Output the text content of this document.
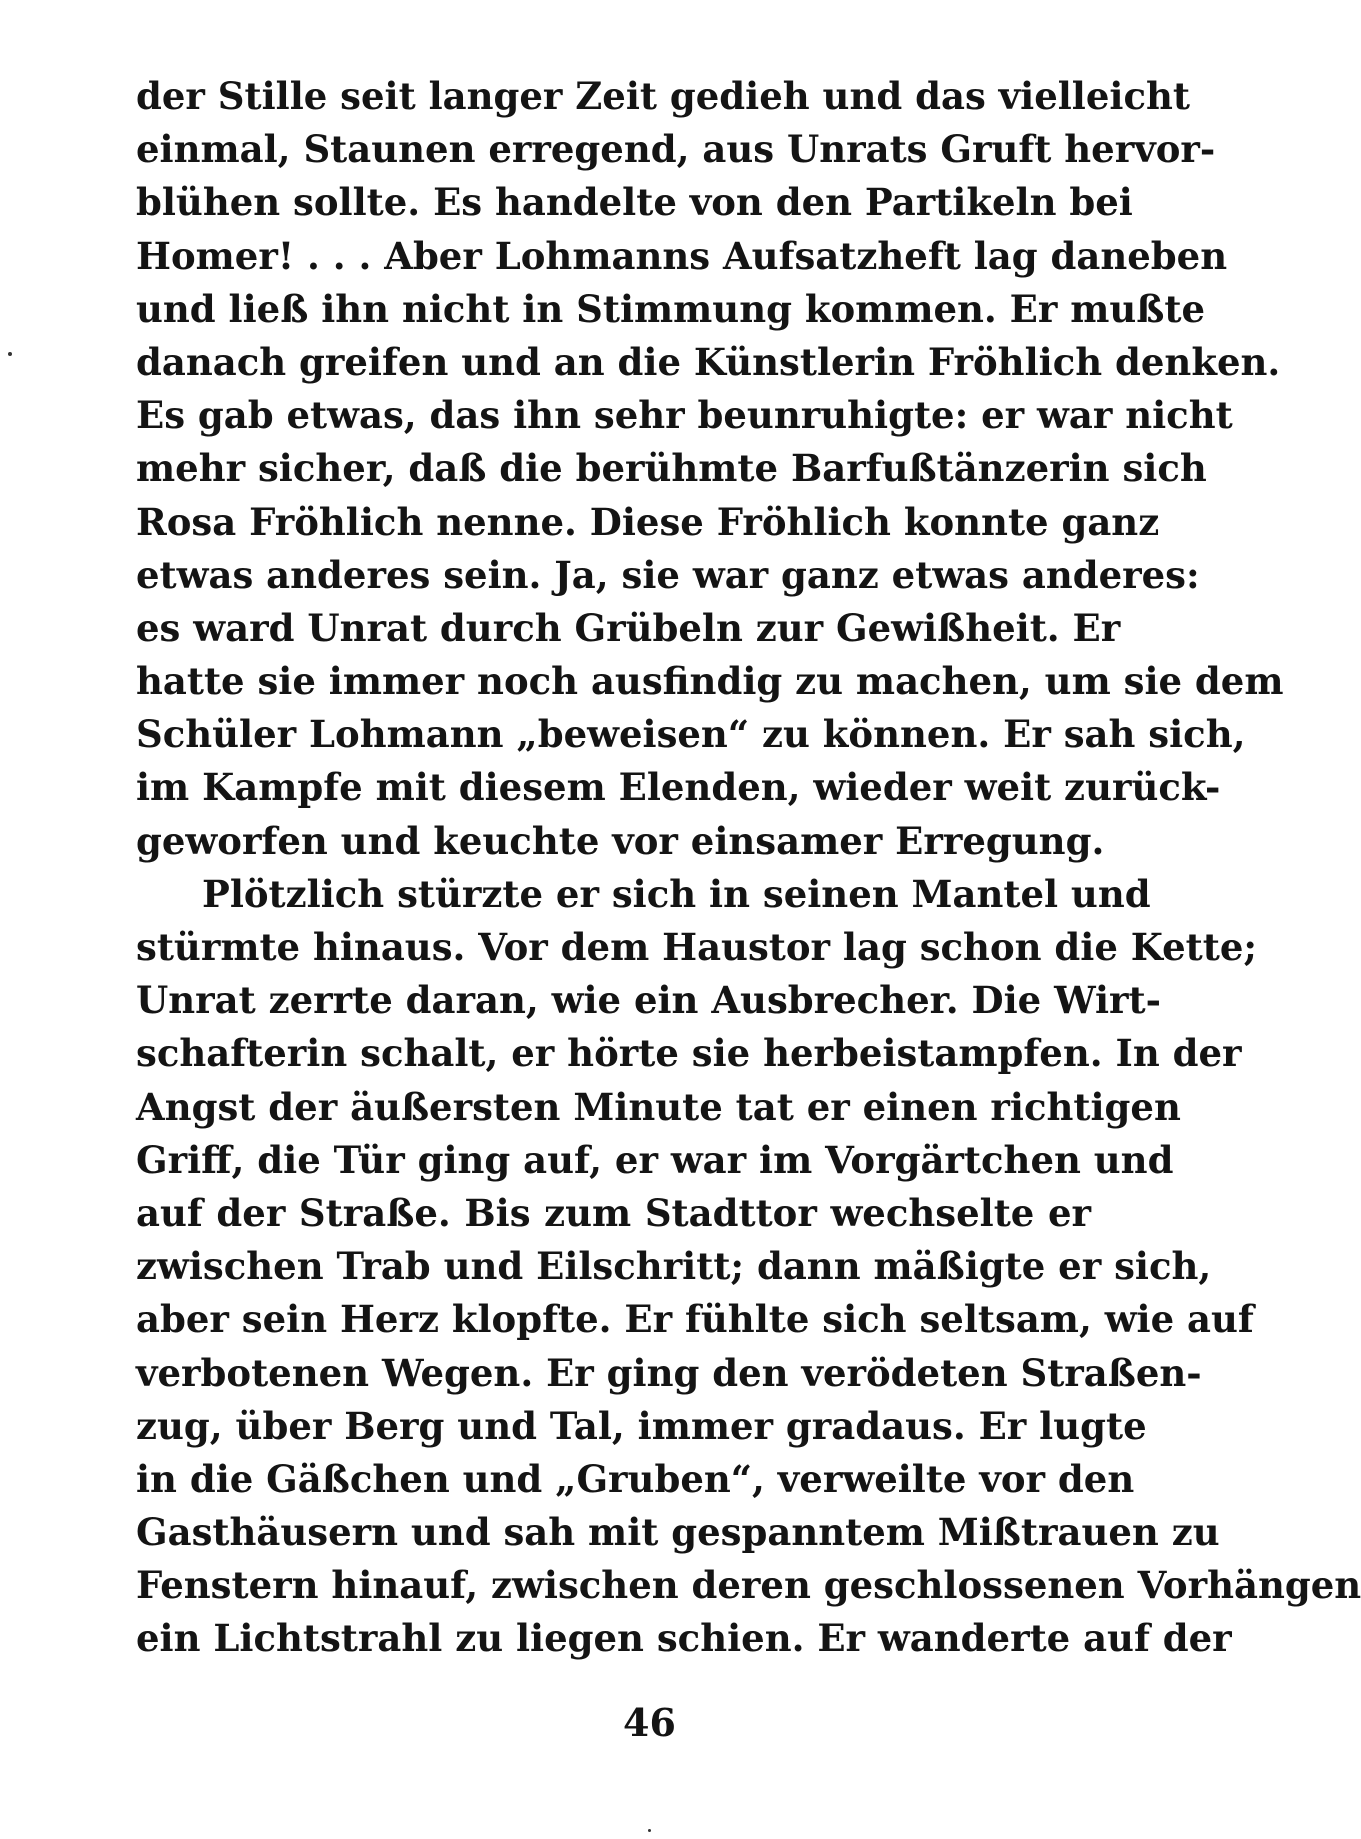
der Stille seit langer Zeit gedieh und das vielleicht
einmal, Staunen erregend, aus Unrats Gruft hervor-
blühen sollte. Es handelte von den Partikeln bei
Homer! . . . Aber Lohmanns Aufsatzheft lag daneben
und ließ ihn nicht in Stimmung kommen. Er mußte
danach greifen und an die Künstlerin Fröhlich denken.
Es gab etwas, das ihn sehr beunruhigte: er war nicht
mehr sicher, daß die berühmte Barfußtänzerin sich
Rosa Fröhlich nenne. Diese Fröhlich konnte ganz
etwas anderes sein. Ja, sie war ganz etwas anderes:
es ward Unrat durch Grübeln zur Gewißheit. Er
hatte sie immer noch ausfindig zu machen, um sie dem
Schüler Lohmann „beweisen“ zu können. Er sah sich,
im Kampfe mit diesem Elenden, wieder weit zurück-
geworfen und keuchte vor einsamer Erregung.
Plötzlich stürzte er sich in seinen Mantel und
stürmte hinaus. Vor dem Haustor lag schon die Kette;
Unrat zerrte daran, wie ein Ausbrecher. Die Wirt-
schafterin schalt, er hörte sie herbeistampfen. In der
Angst der äußersten Minute tat er einen richtigen
Griff, die Tür ging auf, er war im Vorgärtchen und
auf der Straße. Bis zum Stadttor wechselte er
zwischen Trab und Eilschritt; dann mäßigte er sich,
aber sein Herz klopfte. Er fühlte sich seltsam, wie auf
verbotenen Wegen. Er ging den verödeten Straßen-
zug, über Berg und Tal, immer gradaus. Er lugte
in die Gäßchen und „Gruben“, verweilte vor den
Gasthäusern und sah mit gespanntem Mißtrauen zu
Fenstern hinauf, zwischen deren geschlossenen Vorhängen
ein Lichtstrahl zu liegen schien. Er wanderte auf der
46
